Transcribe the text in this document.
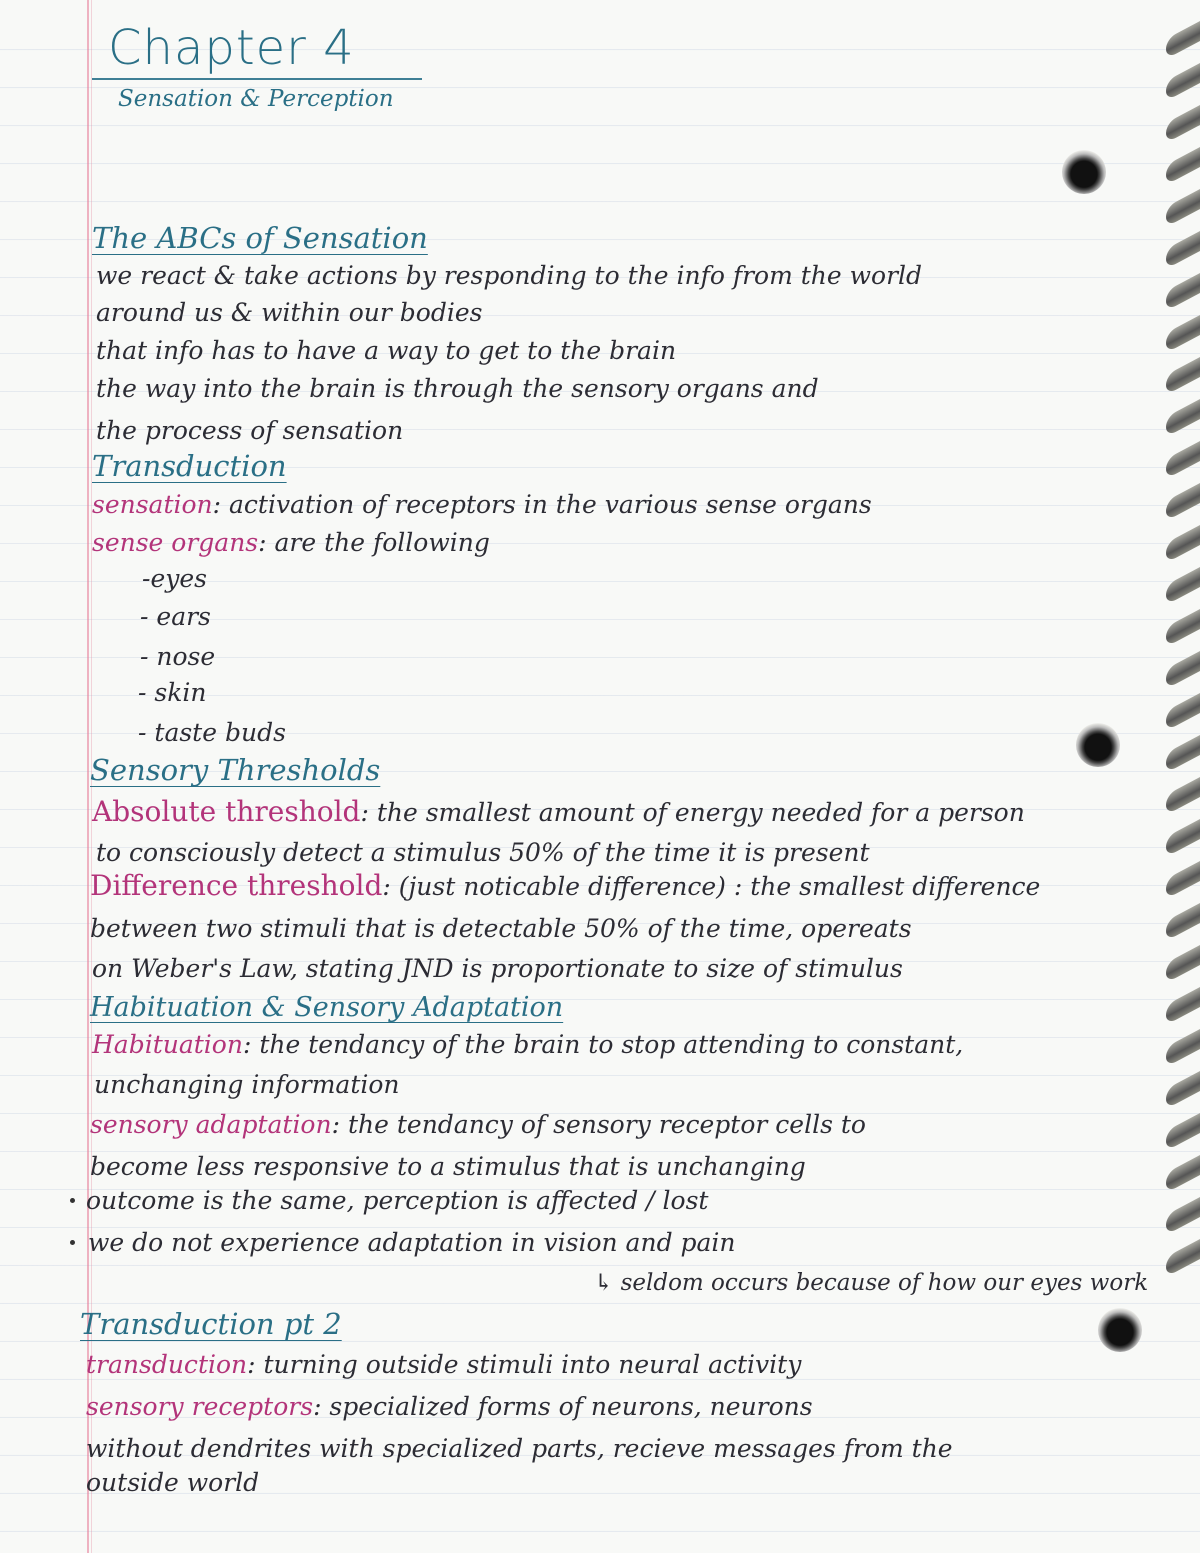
Chapter 4
Sensation & Perception
The ABCs of Sensation
we react & take actions by responding to the info from the world
around us & within our bodies
that info has to have a way to get to the brain
the way into the brain is through the sensory organs and
the process of sensation
Transduction
sensation: activation of receptors in the various sense organs
sense organs: are the following
-eyes
- ears
- nose
- skin
- taste buds
Sensory Thresholds
Absolute threshold: the smallest amount of energy needed for a person
to consciously detect a stimulus 50% of the time it is present
Difference threshold: (just noticable difference) : the smallest difference
between two stimuli that is detectable 50% of the time, opereats
on Weber's Law, stating JND is proportionate to size of stimulus
Habituation & Sensory Adaptation
Habituation: the tendancy of the brain to stop attending to constant,
unchanging information
sensory adaptation: the tendancy of sensory receptor cells to
become less responsive to a stimulus that is unchanging
outcome is the same, perception is affected / lost
we do not experience adaptation in vision and pain
↳ seldom occurs because of how our eyes work
Transduction pt 2
transduction: turning outside stimuli into neural activity
sensory receptors: specialized forms of neurons, neurons
without dendrites with specialized parts, recieve messages from the
outside world
